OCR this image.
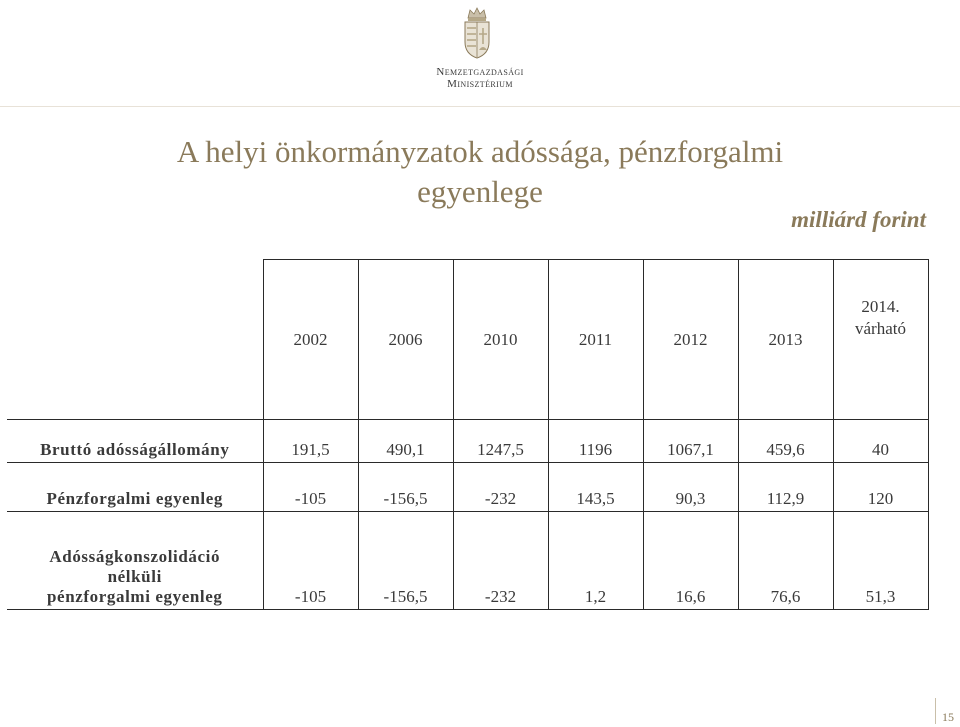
Nemzetgazdasági
Minisztérium
A helyi önkormányzatok adóssága, pénzforgalmi
egyenlege
milliárd forint
	2002	2006	2010	2011	2012	2013	2014.
várható

Bruttó adósságállomány	191,5	490,1	1247,5	1196	1067,1	459,6	40
Pénzforgalmi egyenleg	-105	-156,5	-232	143,5	90,3	112,9	120

Adósságkonszolidáció
nélküli
pénzforgalmi egyenleg	-105	-156,5	-232	1,2	16,6	76,6	51,3
15
